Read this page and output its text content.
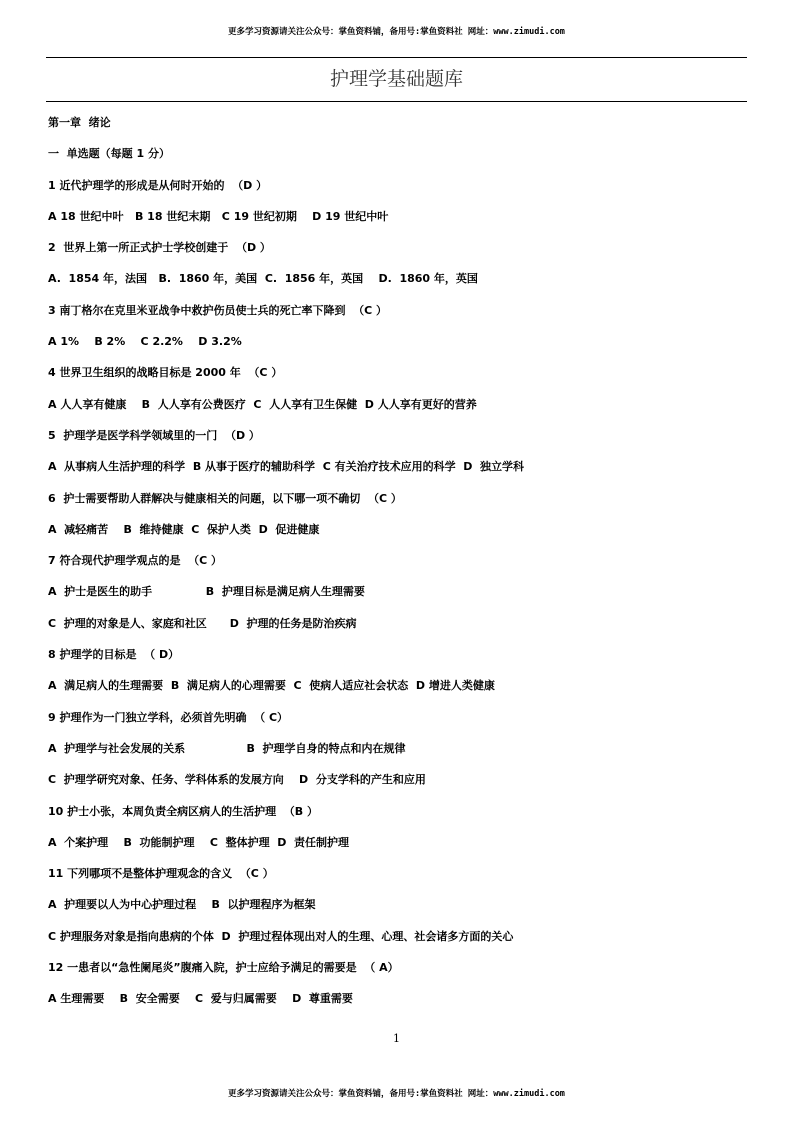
更多学习资源请关注公众号：掌鱼资料铺，备用号:掌鱼资料社 网址：www.zimudi.com
护理学基础题库
第一章  绪论
一  单选题（每题 1 分）
1 近代护理学的形成是从何时开始的  （D ）
A 18 世纪中叶   B 18 世纪末期   C 19 世纪初期    D 19 世纪中叶
2  世界上第一所正式护士学校创建于  （D ）
A.  1854 年，法国   B.  1860 年，美国  C.  1856 年，英国    D.  1860 年，英国
3 南丁格尔在克里米亚战争中救护伤员使士兵的死亡率下降到  （C ）
A 1%    B 2%    C 2.2%    D 3.2%
4 世界卫生组织的战略目标是 2000 年  （C ）
A 人人享有健康    B  人人享有公费医疗  C  人人享有卫生保健  D 人人享有更好的营养
5  护理学是医学科学领域里的一门  （D ）
A  从事病人生活护理的科学  B 从事于医疗的辅助科学  C 有关治疗技术应用的科学  D  独立学科
6  护士需要帮助人群解决与健康相关的问题，以下哪一项不确切  （C ）
A  减轻痛苦    B  维持健康  C  保护人类  D  促进健康
7 符合现代护理学观点的是  （C ）
A  护士是医生的助手              B  护理目标是满足病人生理需要
C  护理的对象是人、家庭和社区      D  护理的任务是防治疾病
8 护理学的目标是  （ D）
A  满足病人的生理需要  B  满足病人的心理需要  C  使病人适应社会状态  D 增进人类健康
9 护理作为一门独立学科，必须首先明确  （ C）
A  护理学与社会发展的关系                B  护理学自身的特点和内在规律
C  护理学研究对象、任务、学科体系的发展方向    D  分支学科的产生和应用
10 护士小张，本周负责全病区病人的生活护理  （B ）
A  个案护理    B  功能制护理    C  整体护理  D  责任制护理
11 下列哪项不是整体护理观念的含义  （C ）
A  护理要以人为中心护理过程    B  以护理程序为框架
C 护理服务对象是指向患病的个体  D  护理过程体现出对人的生理、心理、社会诸多方面的关心
12 一患者以“急性阑尾炎”腹痛入院，护士应给予满足的需要是  （ A）
A 生理需要    B  安全需要    C  爱与归属需要    D  尊重需要
1
更多学习资源请关注公众号：掌鱼资料铺，备用号:掌鱼资料社 网址：www.zimudi.com
